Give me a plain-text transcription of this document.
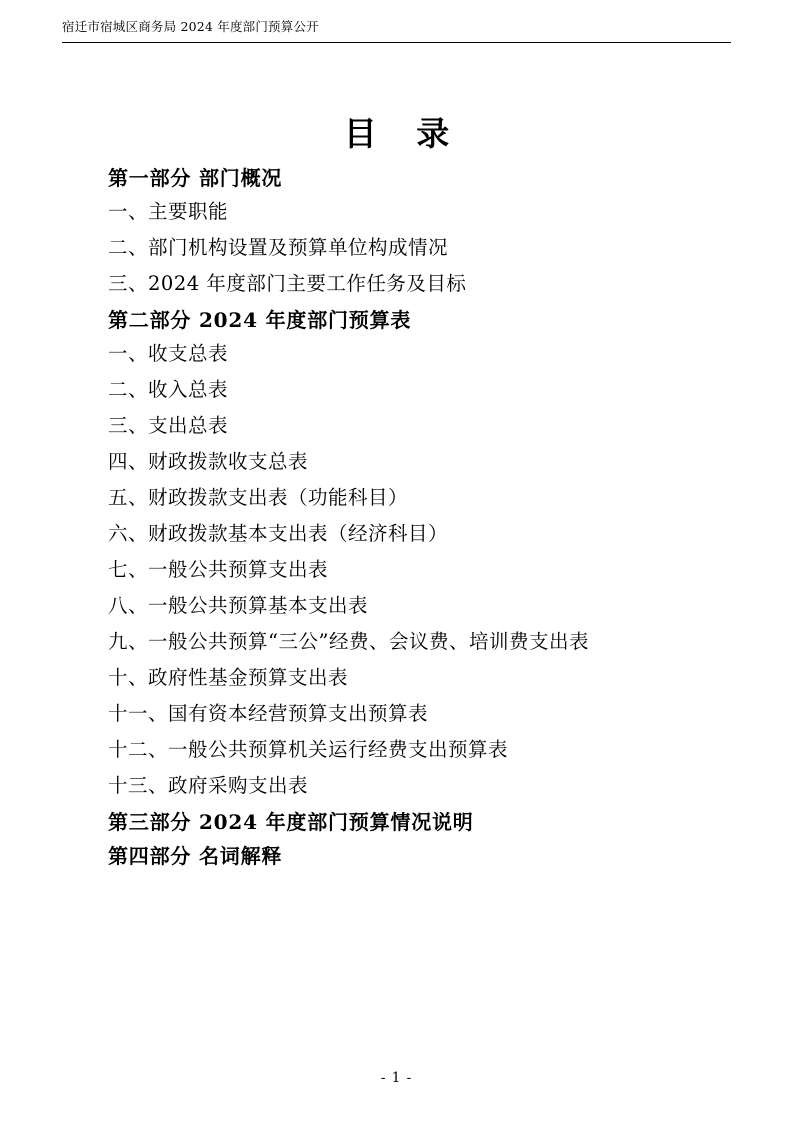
宿迁市宿城区商务局 2024 年度部门预算公开
目 录
第一部分 部门概况
一、主要职能
二、部门机构设置及预算单位构成情况
三、2024 年度部门主要工作任务及目标
第二部分 2024 年度部门预算表
一、收支总表
二、收入总表
三、支出总表
四、财政拨款收支总表
五、财政拨款支出表（功能科目）
六、财政拨款基本支出表（经济科目）
七、一般公共预算支出表
八、一般公共预算基本支出表
九、一般公共预算“三公”经费、会议费、培训费支出表
十、政府性基金预算支出表
十一、国有资本经营预算支出预算表
十二、一般公共预算机关运行经费支出预算表
十三、政府采购支出表
第三部分 2024 年度部门预算情况说明
第四部分 名词解释
- 1 -
